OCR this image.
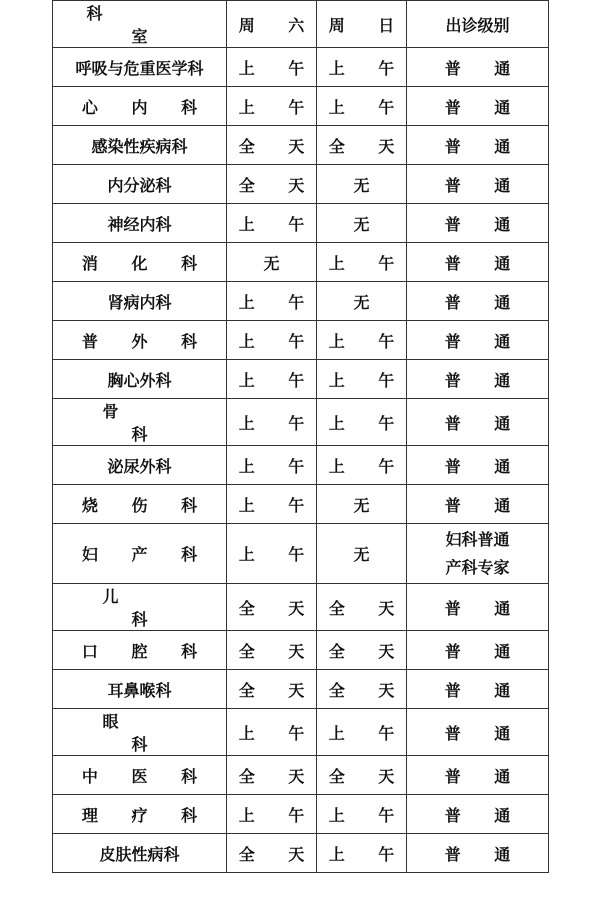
科 室	周 六	周 日	出诊级别
呼吸与危重医学科	上 午	上 午	普 通
心 内 科	上 午	上 午	普 通
感染性疾病科	全 天	全 天	普 通
内分泌科	全 天	无	普 通
神经内科	上 午	无	普 通
消 化 科	无	上 午	普 通
肾病内科	上 午	无	普 通
普 外 科	上 午	上 午	普 通
胸心外科	上 午	上 午	普 通
骨 科	上 午	上 午	普 通
泌尿外科	上 午	上 午	普 通
烧 伤 科	上 午	无	普 通
妇 产 科	上 午	无	妇科普通
产科专家

儿 科	全 天	全 天	普 通
口 腔 科	全 天	全 天	普 通
耳鼻喉科	全 天	全 天	普 通
眼 科	上 午	上 午	普 通
中 医 科	全 天	全 天	普 通
理 疗 科	上 午	上 午	普 通
皮肤性病科	全 天	上 午	普 通
